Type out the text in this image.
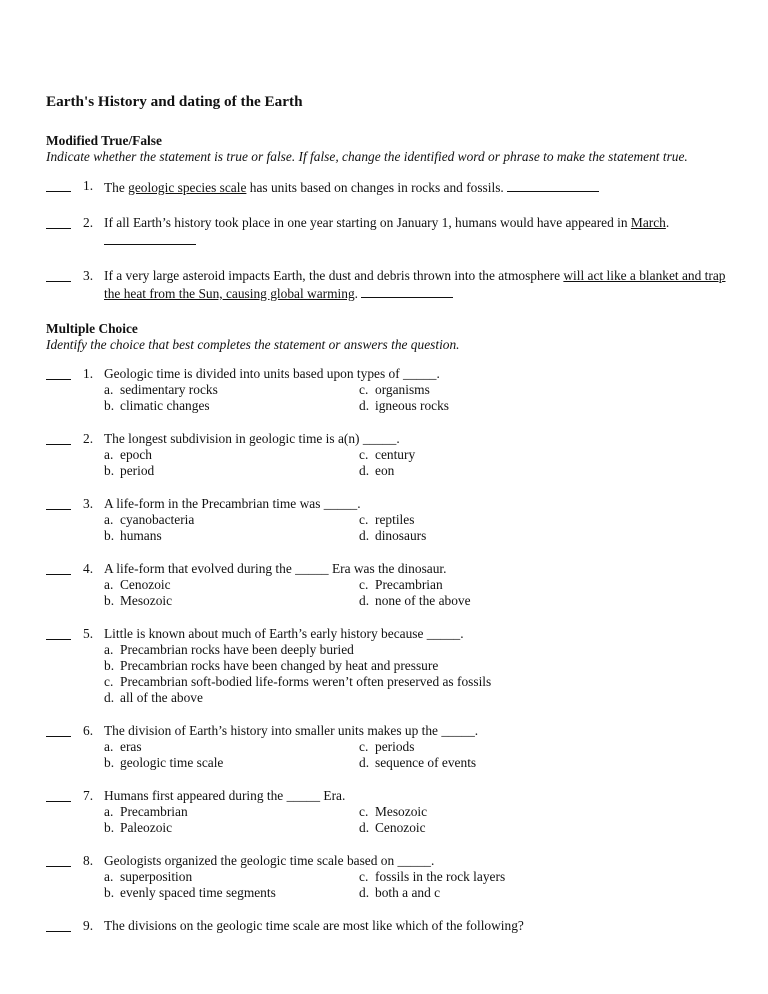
Earth's History and dating of the Earth
Modified True/False
Indicate whether the statement is true or false. If false, change the identified word or phrase to make the statement true.
1. The geologic species scale has units based on changes in rocks and fossils.
2. If all Earth’s history took place in one year starting on January 1, humans would have appeared in March.
3. If a very large asteroid impacts Earth, the dust and debris thrown into the atmosphere will act like a blanket and trap the heat from the Sun, causing global warming.
Multiple Choice
Identify the choice that best completes the statement or answers the question.
1. Geologic time is divided into units based upon types of _____.
a. sedimentary rocks	c. organisms
b. climatic changes	d. igneous rocks
2. The longest subdivision in geologic time is a(n) _____.
a. epoch	c. century
b. period	d. eon
3. A life-form in the Precambrian time was _____.
a. cyanobacteria	c. reptiles
b. humans	d. dinosaurs
4. A life-form that evolved during the _____ Era was the dinosaur.
a. Cenozoic	c. Precambrian
b. Mesozoic	d. none of the above
5. Little is known about much of Earth’s early history because _____.
a. Precambrian rocks have been deeply buried
b. Precambrian rocks have been changed by heat and pressure
c. Precambrian soft-bodied life-forms weren’t often preserved as fossils
d. all of the above
6. The division of Earth’s history into smaller units makes up the _____.
a. eras	c. periods
b. geologic time scale	d. sequence of events
7. Humans first appeared during the _____ Era.
a. Precambrian	c. Mesozoic
b. Paleozoic	d. Cenozoic
8. Geologists organized the geologic time scale based on _____.
a. superposition	c. fossils in the rock layers
b. evenly spaced time segments	d. both a and c
9. The divisions on the geologic time scale are most like which of the following?
